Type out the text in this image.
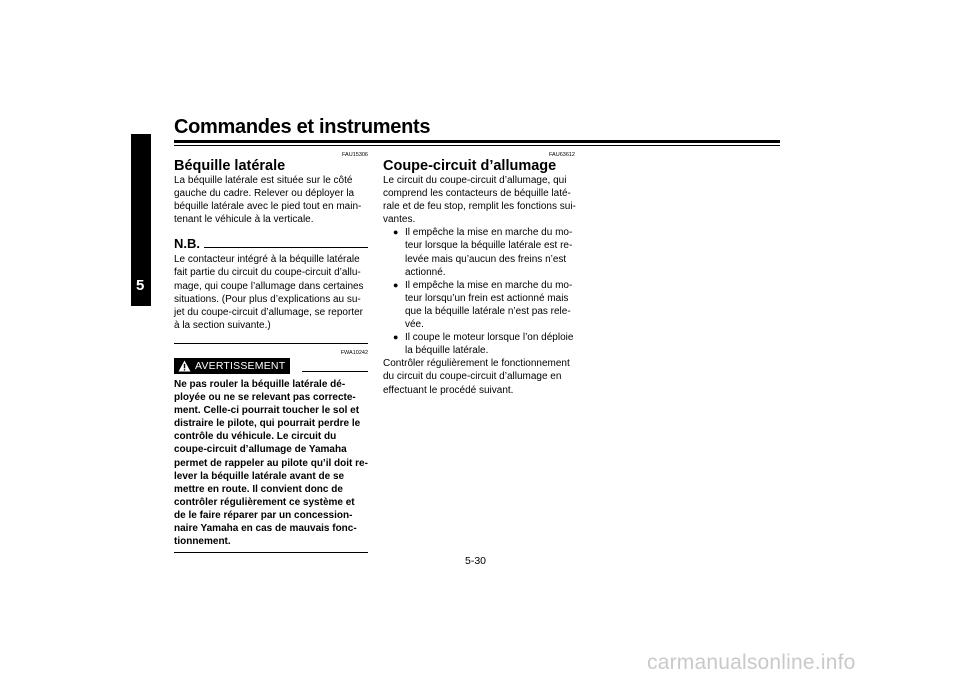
Commandes et instruments
5
FAU15306
Béquille latérale
La béquille latérale est située sur le côté
gauche du cadre. Relever ou déployer la
béquille latérale avec le pied tout en main-
tenant le véhicule à la verticale.
N.B.
Le contacteur intégré à la béquille latérale
fait partie du circuit du coupe-circuit d’allu-
mage, qui coupe l’allumage dans certaines
situations. (Pour plus d’explications au su-
jet du coupe-circuit d’allumage, se reporter
à la section suivante.)
FWA10242
AVERTISSEMENT
Ne pas rouler la béquille latérale dé-
ployée ou ne se relevant pas correcte-
ment. Celle-ci pourrait toucher le sol et
distraire le pilote, qui pourrait perdre le
contrôle du véhicule. Le circuit du
coupe-circuit d’allumage de Yamaha
permet de rappeler au pilote qu’il doit re-
lever la béquille latérale avant de se
mettre en route. Il convient donc de
contrôler régulièrement ce système et
de le faire réparer par un concession-
naire Yamaha en cas de mauvais fonc-
tionnement.
FAU63612
Coupe-circuit d’allumage
Le circuit du coupe-circuit d’allumage, qui
comprend les contacteurs de béquille laté-
rale et de feu stop, remplit les fonctions sui-
vantes.
● Il empêche la mise en marche du mo-
teur lorsque la béquille latérale est re-
levée mais qu’aucun des freins n’est
actionné.
● Il empêche la mise en marche du mo-
teur lorsqu’un frein est actionné mais
que la béquille latérale n’est pas rele-
vée.
● Il coupe le moteur lorsque l’on déploie
la béquille latérale.
Contrôler régulièrement le fonctionnement
du circuit du coupe-circuit d’allumage en
effectuant le procédé suivant.
5-30
carmanualsonline.info
